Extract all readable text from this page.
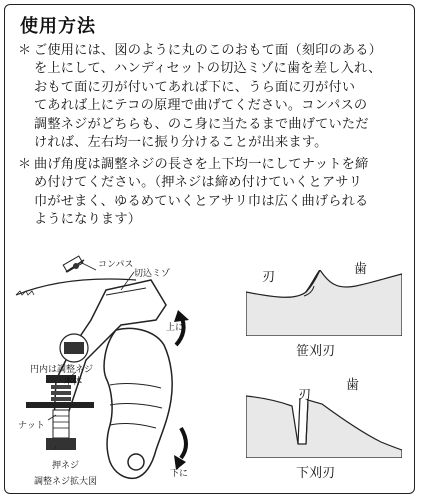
使用方法
＊ ご使用には、図のように丸のこのおもて面（刻印のある）
を上にして、ハンディセットの切込ミゾに歯を差し入れ、
おもて面に刃が付いてあれば下に、うら面に刃が付い
てあれば上にテコの原理で曲げてください。コンパスの
調整ネジがどちらも、のこ身に当たるまで曲げていただ
ければ、左右均一に振り分けることが出来ます。
＊ 曲げ角度は調整ネジの長さを上下均一にしてナットを締
め付けてください。（押ネジは締め付けていくとアサリ
巾がせまく、ゆるめていくとアサリ巾は広く曲げられる
ようになります）
コンパス
切込ミゾ
上に
下に
円内は調整ネジ
本体
ナット
押ネジ
調整ネジ拡大図
刃
歯
笹刈刃
刃
歯
下刈刃
